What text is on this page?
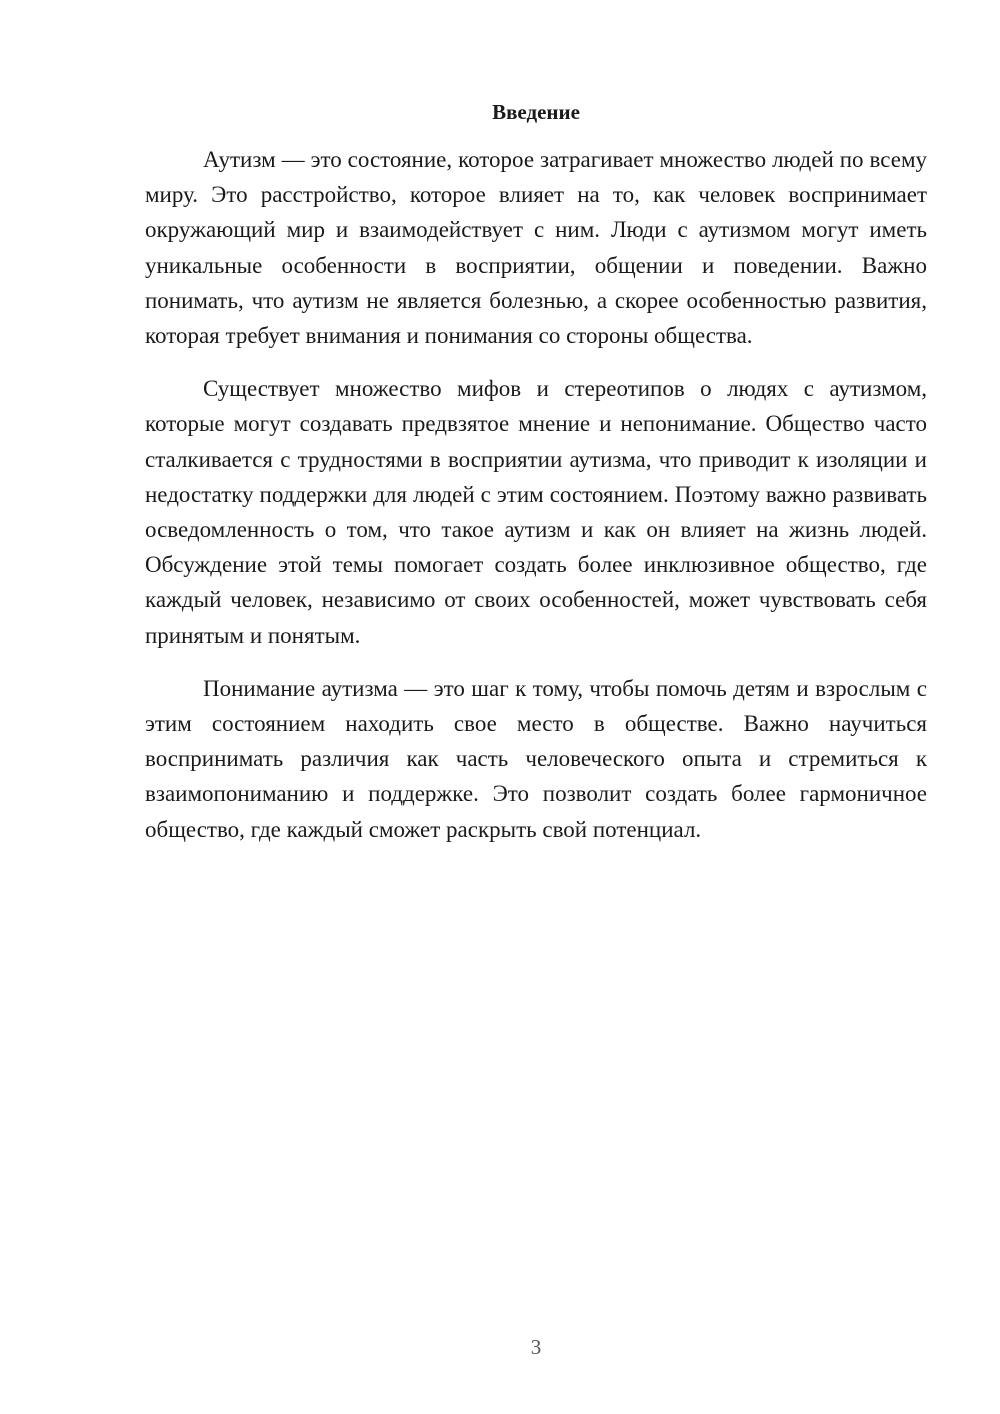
Введение

Аутизм — это состояние, которое затрагивает множество людей по всему миру. Это расстройство, которое влияет на то, как человек воспринимает окружающий мир и взаимодействует с ним. Люди с аутизмом могут иметь уникальные особенности в восприятии, общении и поведении. Важно понимать, что аутизм не является болезнью, а скорее особенностью развития, которая требует внимания и понимания со стороны общества.

Существует множество мифов и стереотипов о людях с аутизмом, которые могут создавать предвзятое мнение и непонимание. Общество часто сталкивается с трудностями в восприятии аутизма, что приводит к изоляции и недостатку поддержки для людей с этим состоянием. Поэтому важно развивать осведомленность о том, что такое аутизм и как он влияет на жизнь людей. Обсуждение этой темы помогает создать более инклюзивное общество, где каждый человек, независимо от своих особенностей, может чувствовать себя принятым и понятым.

Понимание аутизма — это шаг к тому, чтобы помочь детям и взрослым с этим состоянием находить свое место в обществе. Важно научиться воспринимать различия как часть человеческого опыта и стремиться к взаимопониманию и поддержке. Это позволит создать более гармоничное общество, где каждый сможет раскрыть свой потенциал.

3
